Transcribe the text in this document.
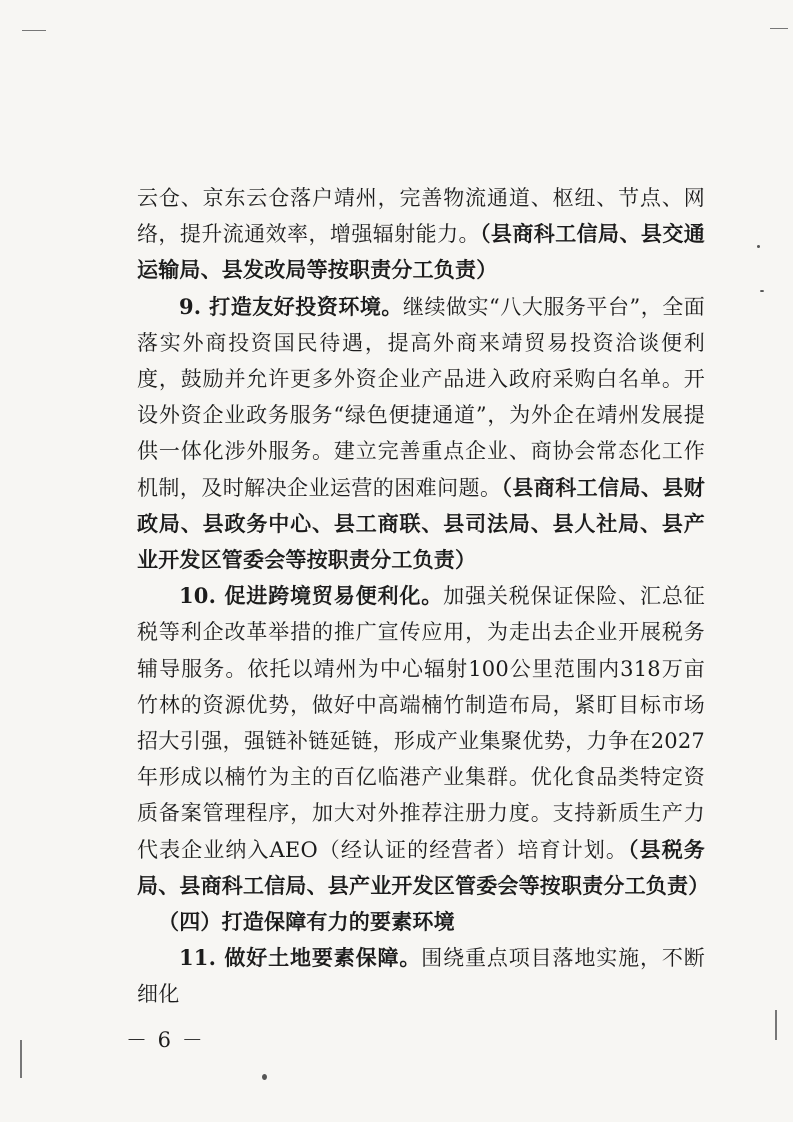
云仓、京东云仓落户靖州，完善物流通道、枢纽、节点、网络，提升流通效率，增强辐射能力。（县商科工信局、县交通运输局、县发改局等按职责分工负责）

9. 打造友好投资环境。继续做实“八大服务平台”，全面落实外商投资国民待遇，提高外商来靖贸易投资洽谈便利度，鼓励并允许更多外资企业产品进入政府采购白名单。开设外资企业政务服务“绿色便捷通道”，为外企在靖州发展提供一体化涉外服务。建立完善重点企业、商协会常态化工作机制，及时解决企业运营的困难问题。（县商科工信局、县财政局、县政务中心、县工商联、县司法局、县人社局、县产业开发区管委会等按职责分工负责）

10. 促进跨境贸易便利化。加强关税保证保险、汇总征税等利企改革举措的推广宣传应用，为走出去企业开展税务辅导服务。依托以靖州为中心辐射100公里范围内318万亩竹林的资源优势，做好中高端楠竹制造布局，紧盯目标市场招大引强，强链补链延链，形成产业集聚优势，力争在2027年形成以楠竹为主的百亿临港产业集群。优化食品类特定资质备案管理程序，加大对外推荐注册力度。支持新质生产力代表企业纳入AEO（经认证的经营者）培育计划。（县税务局、县商科工信局、县产业开发区管委会等按职责分工负责）

（四）打造保障有力的要素环境

11. 做好土地要素保障。围绕重点项目落地实施，不断细化

－ 6 －
